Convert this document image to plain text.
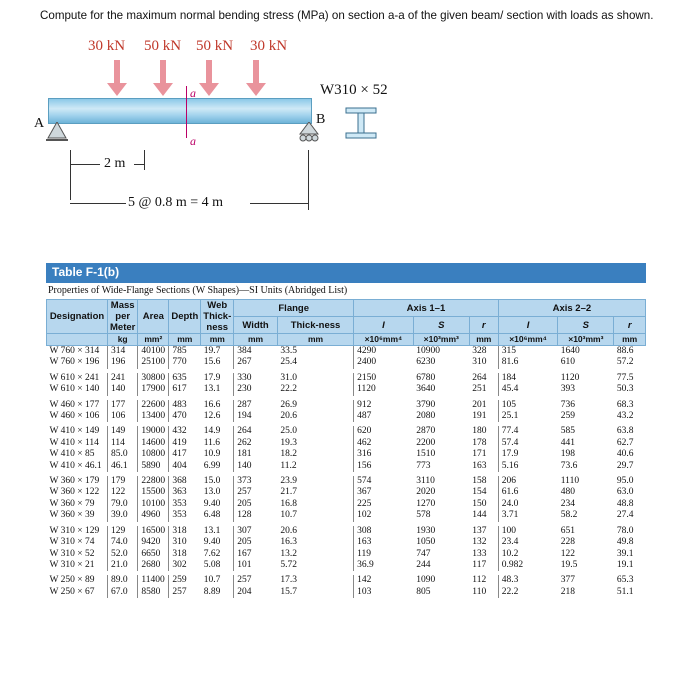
Compute for the maximum normal bending stress (MPa) on section a-a of the given beam/ section with loads as shown.
30 kN 50 kN 50 kN 30 kN
a
a
A	B
W310 × 52
2 m
5 @ 0.8 m = 4 m
Table F-1(b)
Properties of Wide-Flange Sections (W Shapes)—SI Units (Abridged List)
Designation	Mass per Meter	Area	Depth	Web Thick-ness	Flange		Axis 1–1			Axis 2–2		
					Width	Thick-ness	I	S	r	I	S	r
	kg	mm²	mm	mm	mm	mm	×10⁶mm⁴	×10³mm³	mm	×10⁶mm⁴	×10³mm³	mm
W 760 × 314	314	40100	785	19.7	384	33.5	4290	10900	328	315	1640	88.6
W 760 × 196	196	25100	770	15.6	267	25.4	2400	6230	310	81.6	610	57.2

W 610 × 241	241	30800	635	17.9	330	31.0	2150	6780	264	184	1120	77.5
W 610 × 140	140	17900	617	13.1	230	22.2	1120	3640	251	45.4	393	50.3

W 460 × 177	177	22600	483	16.6	287	26.9	912	3790	201	105	736	68.3
W 460 × 106	106	13400	470	12.6	194	20.6	487	2080	191	25.1	259	43.2

W 410 × 149	149	19000	432	14.9	264	25.0	620	2870	180	77.4	585	63.8
W 410 × 114	114	14600	419	11.6	262	19.3	462	2200	178	57.4	441	62.7
W 410 × 85	85.0	10800	417	10.9	181	18.2	316	1510	171	17.9	198	40.6
W 410 × 46.1	46.1	5890	404	6.99	140	11.2	156	773	163	5.16	73.6	29.7

W 360 × 179	179	22800	368	15.0	373	23.9	574	3110	158	206	1110	95.0
W 360 × 122	122	15500	363	13.0	257	21.7	367	2020	154	61.6	480	63.0
W 360 × 79	79.0	10100	353	9.40	205	16.8	225	1270	150	24.0	234	48.8
W 360 × 39	39.0	4960	353	6.48	128	10.7	102	578	144	3.71	58.2	27.4

W 310 × 129	129	16500	318	13.1	307	20.6	308	1930	137	100	651	78.0
W 310 × 74	74.0	9420	310	9.40	205	16.3	163	1050	132	23.4	228	49.8
W 310 × 52	52.0	6650	318	7.62	167	13.2	119	747	133	10.2	122	39.1
W 310 × 21	21.0	2680	302	5.08	101	5.72	36.9	244	117	0.982	19.5	19.1

W 250 × 89	89.0	11400	259	10.7	257	17.3	142	1090	112	48.3	377	65.3
W 250 × 67	67.0	8580	257	8.89	204	15.7	103	805	110	22.2	218	51.1
